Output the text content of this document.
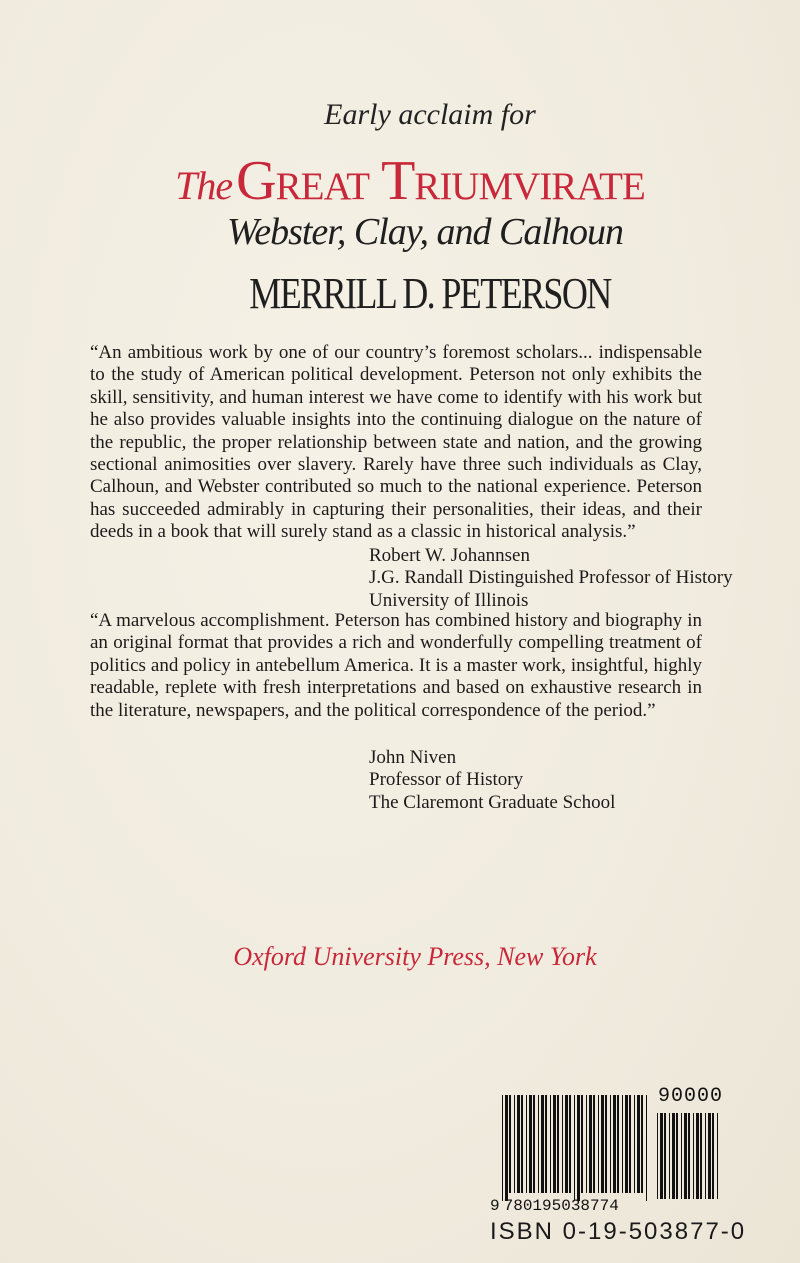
Early acclaim for
TheGreat Triumvirate
Webster, Clay, and Calhoun
MERRILL D. PETERSON

“An ambitious work by one of our country’s foremost scholars... indispensable to the study of American political development. Peterson not only exhibits the skill, sensitivity, and human interest we have come to identify with his work but he also provides valuable insights into the continuing dialogue on the nature of the republic, the proper relationship between state and nation, and the growing sectional animosities over slavery. Rarely have three such individuals as Clay, Calhoun, and Webster contributed so much to the national experience. Peterson has succeeded admirably in capturing their personalities, their ideas, and their deeds in a book that will surely stand as a classic in historical analysis.”

Robert W. Johannsen
J.G. Randall Distinguished Professor of History
University of Illinois

“A marvelous accomplishment. Peterson has combined history and biography in an original format that provides a rich and wonderfully compelling treatment of politics and policy in antebellum America. It is a master work, insightful, highly readable, replete with fresh interpretations and based on exhaustive research in the literature, newspapers, and the political correspondence of the period.”

John Niven
Professor of History
The Claremont Graduate School
Oxford University Press, New York
90000
9 780195038774
ISBN 0-19-503877-0
